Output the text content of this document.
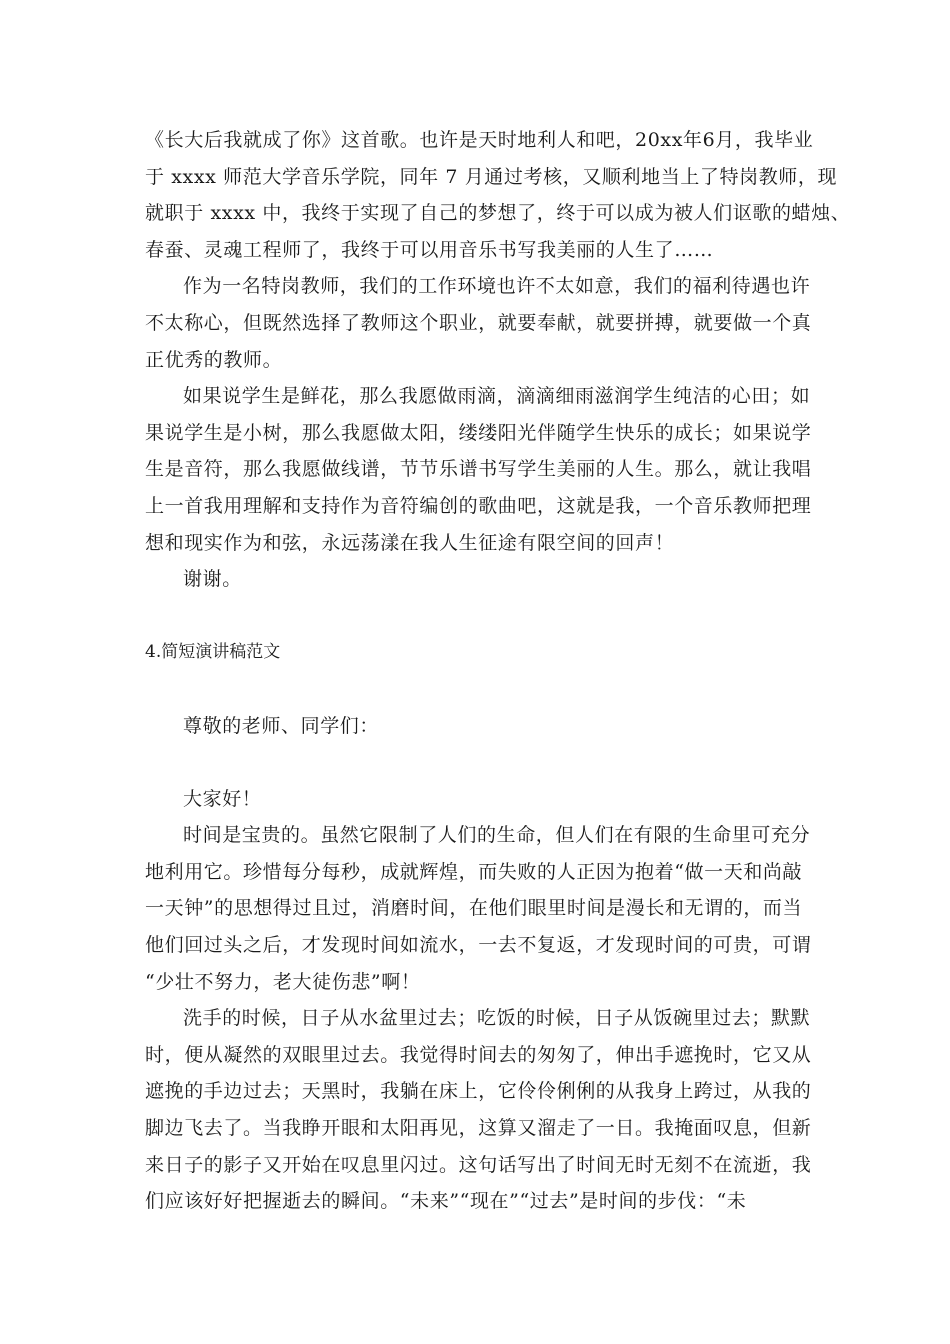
《长大后我就成了你》这首歌。也许是天时地利人和吧，20xx年6月，我毕业
于 xxxx 师范大学音乐学院，同年 7 月通过考核，又顺利地当上了特岗教师，现
就职于 xxxx 中，我终于实现了自己的梦想了，终于可以成为被人们讴歌的蜡烛、
春蚕、灵魂工程师了，我终于可以用音乐书写我美丽的人生了……
作为一名特岗教师，我们的工作环境也许不太如意，我们的福利待遇也许
不太称心，但既然选择了教师这个职业，就要奉献，就要拼搏，就要做一个真
正优秀的教师。
如果说学生是鲜花，那么我愿做雨滴，滴滴细雨滋润学生纯洁的心田；如
果说学生是小树，那么我愿做太阳，缕缕阳光伴随学生快乐的成长；如果说学
生是音符，那么我愿做线谱，节节乐谱书写学生美丽的人生。那么，就让我唱
上一首我用理解和支持作为音符编创的歌曲吧，这就是我，一个音乐教师把理
想和现实作为和弦，永远荡漾在我人生征途有限空间的回声！
谢谢。
4.简短演讲稿范文
尊敬的老师、同学们：
大家好！
时间是宝贵的。虽然它限制了人们的生命，但人们在有限的生命里可充分
地利用它。珍惜每分每秒，成就辉煌，而失败的人正因为抱着“做一天和尚敲
一天钟”的思想得过且过，消磨时间，在他们眼里时间是漫长和无谓的，而当
他们回过头之后，才发现时间如流水，一去不复返，才发现时间的可贵，可谓
“少壮不努力，老大徒伤悲”啊！
洗手的时候，日子从水盆里过去；吃饭的时候，日子从饭碗里过去；默默
时，便从凝然的双眼里过去。我觉得时间去的匆匆了，伸出手遮挽时，它又从
遮挽的手边过去；天黑时，我躺在床上，它伶伶俐俐的从我身上跨过，从我的
脚边飞去了。当我睁开眼和太阳再见，这算又溜走了一日。我掩面叹息，但新
来日子的影子又开始在叹息里闪过。这句话写出了时间无时无刻不在流逝，我
们应该好好把握逝去的瞬间。“未来”“现在”“过去”是时间的步伐：“未
